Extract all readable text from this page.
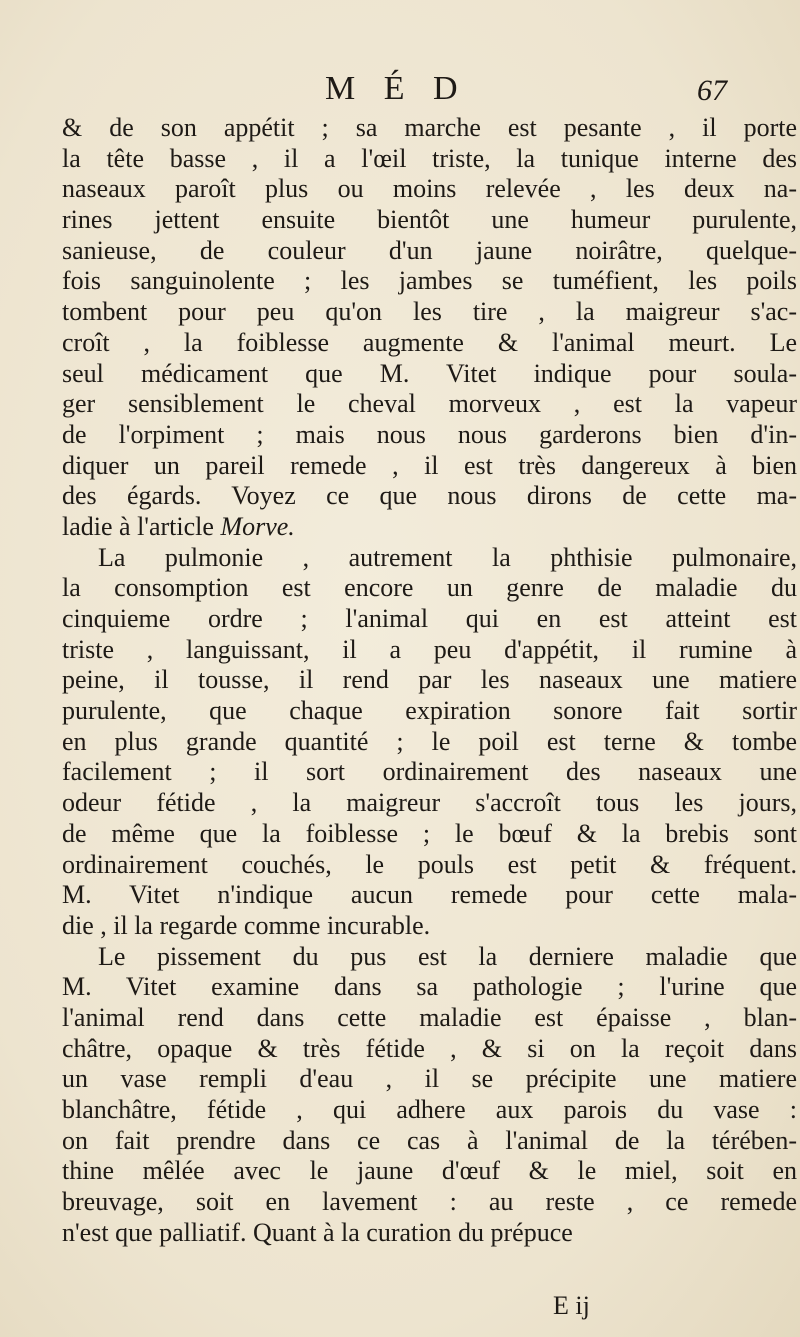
M É D	67
& de son appétit ; sa marche est pesante , il porte
la tête basse , il a l'œil triste, la tunique interne des
naseaux paroît plus ou moins relevée , les deux na-
rines jettent ensuite bientôt une humeur purulente,
sanieuse, de couleur d'un jaune noirâtre, quelque-
fois sanguinolente ; les jambes se tuméfient, les poils
tombent pour peu qu'on les tire , la maigreur s'ac-
croît , la foiblesse augmente & l'animal meurt. Le
seul médicament que M. Vitet indique pour soula-
ger sensiblement le cheval morveux , est la vapeur
de l'orpiment ; mais nous nous garderons bien d'in-
diquer un pareil remede , il est très dangereux à bien
des égards. Voyez ce que nous dirons de cette ma-
ladie à l'article Morve.
La pulmonie , autrement la phthisie pulmonaire,
la consomption est encore un genre de maladie du
cinquieme ordre ; l'animal qui en est atteint est
triste , languissant, il a peu d'appétit, il rumine à
peine, il tousse, il rend par les naseaux une matiere
purulente, que chaque expiration sonore fait sortir
en plus grande quantité ; le poil est terne & tombe
facilement ; il sort ordinairement des naseaux une
odeur fétide , la maigreur s'accroît tous les jours,
de même que la foiblesse ; le bœuf & la brebis sont
ordinairement couchés, le pouls est petit & fréquent.
M. Vitet n'indique aucun remede pour cette mala-
die , il la regarde comme incurable.
Le pissement du pus est la derniere maladie que
M. Vitet examine dans sa pathologie ; l'urine que
l'animal rend dans cette maladie est épaisse , blan-
châtre, opaque & très fétide , & si on la reçoit dans
un vase rempli d'eau , il se précipite une matiere
blanchâtre, fétide , qui adhere aux parois du vase :
on fait prendre dans ce cas à l'animal de la térében-
thine mêlée avec le jaune d'œuf & le miel, soit en
breuvage, soit en lavement : au reste , ce remede
n'est que palliatif. Quant à la curation du prépuce
E ij
